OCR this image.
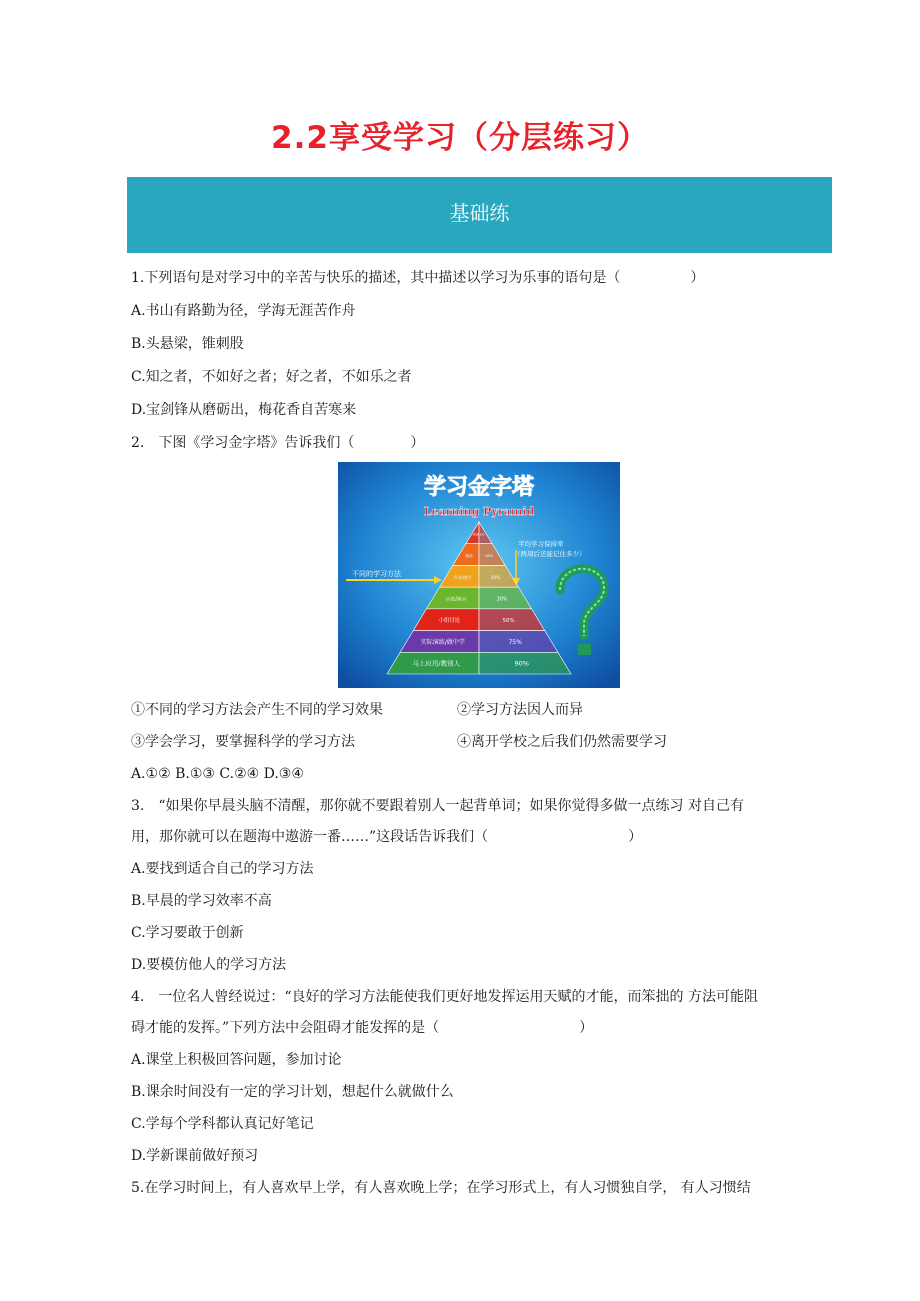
2.2享受学习（分层练习）
基础练
1.下列语句是对学习中的辛苦与快乐的描述，其中描述以学习为乐事的语句是（　　　　　）
A.书山有路勤为径，学海无涯苦作舟
B.头悬梁，锥刺股
C.知之者，不如好之者；好之者，不如乐之者
D.宝剑锋从磨砺出，梅花香自苦寒来
2.　下图《学习金字塔》告诉我们（　　　　）
学习金字塔
Learning Pyramid
不同的学习方法
平均学习保持率
（两周后还能记住多少）
听讲 5%
阅读	10%
声音/图片	20%
示范/演示	30%
小组讨论	50%
实际演练/做中学	75%
马上应用/教别人	90%
①不同的学习方法会产生不同的学习效果	②学习方法因人而异
③学会学习，要掌握科学的学习方法	④离开学校之后我们仍然需要学习
A.①② B.①③ C.②④ D.③④
3.　“如果你早晨头脑不清醒，那你就不要跟着别人一起背单词；如果你觉得多做一点练习 对自己有
用，那你就可以在题海中遨游一番……”这段话告诉我们（　　　　　　　　　　）
A.要找到适合自己的学习方法
B.早晨的学习效率不高
C.学习要敢于创新
D.要模仿他人的学习方法
4.　一位名人曾经说过：“良好的学习方法能使我们更好地发挥运用天赋的才能，而笨拙的 方法可能阻
碍才能的发挥。”下列方法中会阻碍才能发挥的是（　　　　　　　　　　）
A.课堂上积极回答问题，参加讨论
B.课余时间没有一定的学习计划，想起什么就做什么
C.学每个学科都认真记好笔记
D.学新课前做好预习
5.在学习时间上，有人喜欢早上学，有人喜欢晚上学；在学习形式上，有人习惯独自学， 有人习惯结
